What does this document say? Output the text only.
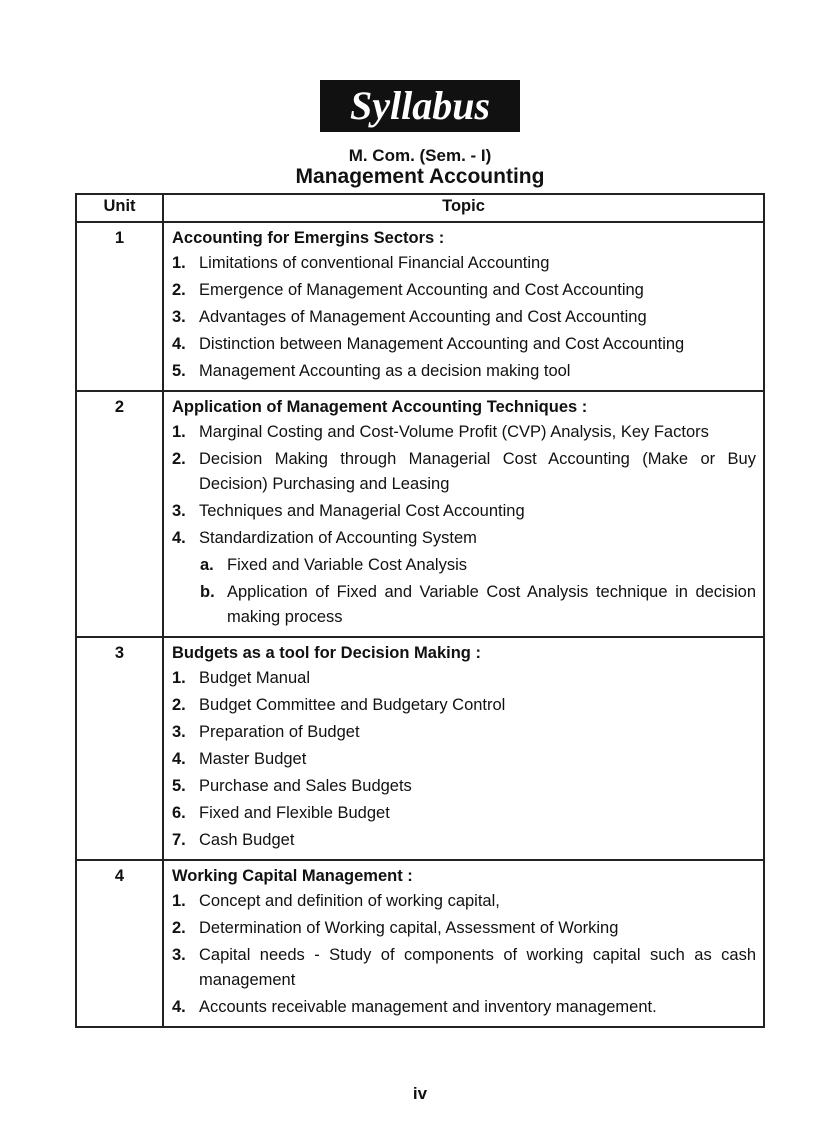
Syllabus
M. Com. (Sem. - I)
Management Accounting
Unit	Topic
1	Accounting for Emergins Sectors :
1. Limitations of conventional Financial Accounting
2. Emergence of Management Accounting and Cost Accounting
3. Advantages of Management Accounting and Cost Accounting
4. Distinction between Management Accounting and Cost Accounting
5. Management Accounting as a decision making tool

2	Application of Management Accounting Techniques :
1. Marginal Costing and Cost-Volume Profit (CVP) Analysis, Key Factors
2. Decision Making through Managerial Cost Accounting (Make or Buy Decision) Purchasing and Leasing
3. Techniques and Managerial Cost Accounting
4. Standardization of Accounting System
a. Fixed and Variable Cost Analysis
b. Application of Fixed and Variable Cost Analysis technique in decision making process

3	Budgets as a tool for Decision Making :
1. Budget Manual
2. Budget Committee and Budgetary Control
3. Preparation of Budget
4. Master Budget
5. Purchase and Sales Budgets
6. Fixed and Flexible Budget
7. Cash Budget

4	Working Capital Management :
1. Concept and definition of working capital,
2. Determination of Working capital, Assessment of Working
3. Capital needs - Study of components of working capital such as cash management
4. Accounts receivable management and inventory management.
iv
